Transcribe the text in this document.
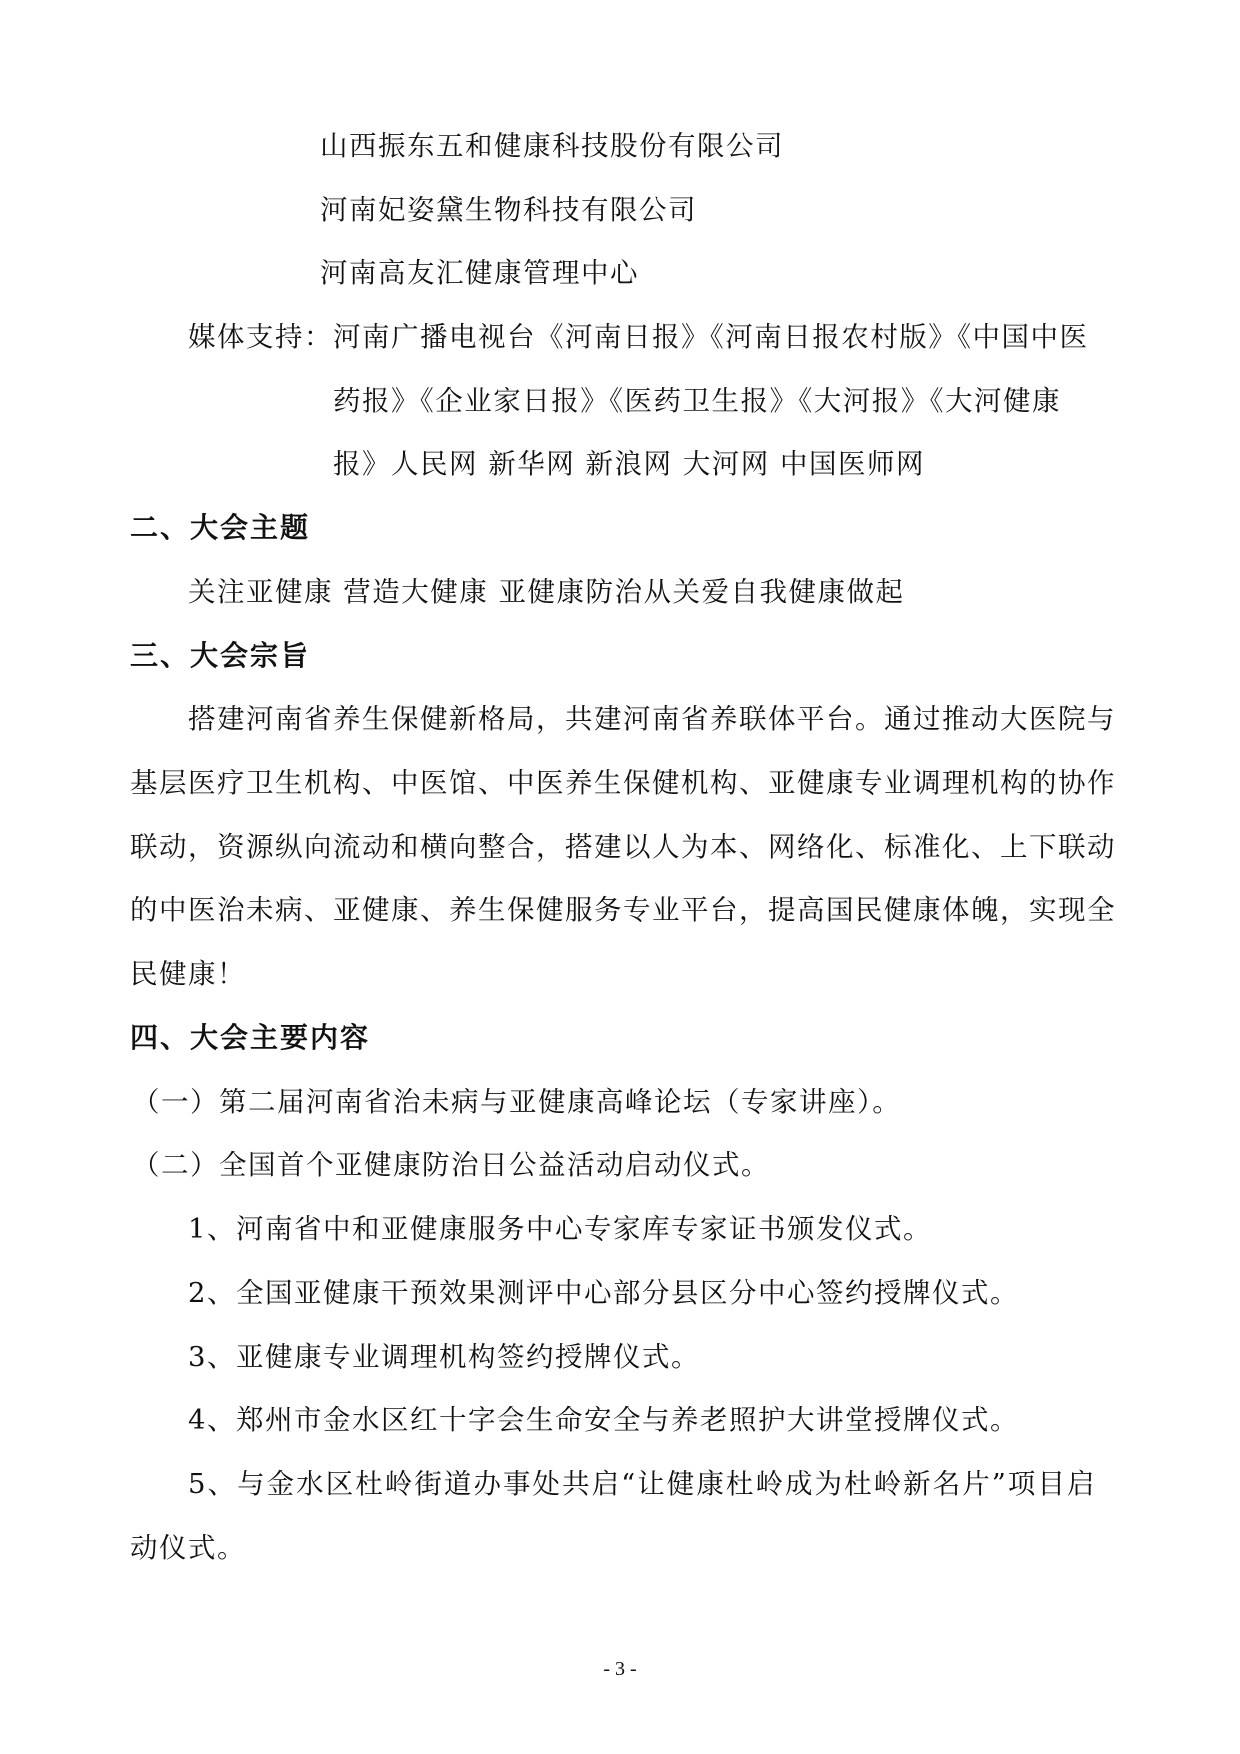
山西振东五和健康科技股份有限公司
河南妃姿黛生物科技有限公司
河南高友汇健康管理中心
媒体支持： 河南广播电视台《河南日报》《河南日报农村版》《中国中医
药报》《企业家日报》《医药卫生报》《大河报》《大河健康
报》人民网 新华网 新浪网 大河网 中国医师网
二、大会主题
关注亚健康 营造大健康 亚健康防治从关爱自我健康做起
三、大会宗旨
搭建河南省养生保健新格局，共建河南省养联体平台。通过推动大医院与
基层医疗卫生机构、中医馆、中医养生保健机构、亚健康专业调理机构的协作
联动，资源纵向流动和横向整合，搭建以人为本、网络化、标准化、上下联动
的中医治未病、亚健康、养生保健服务专业平台，提高国民健康体魄，实现全
民健康！
四、大会主要内容
（一）第二届河南省治未病与亚健康高峰论坛（专家讲座）。
（二）全国首个亚健康防治日公益活动启动仪式。
1、河南省中和亚健康服务中心专家库专家证书颁发仪式。
2、全国亚健康干预效果测评中心部分县区分中心签约授牌仪式。
3、亚健康专业调理机构签约授牌仪式。
4、郑州市金水区红十字会生命安全与养老照护大讲堂授牌仪式。
5、与金水区杜岭街道办事处共启“让健康杜岭成为杜岭新名片”项目启
动仪式。
- 3 -
